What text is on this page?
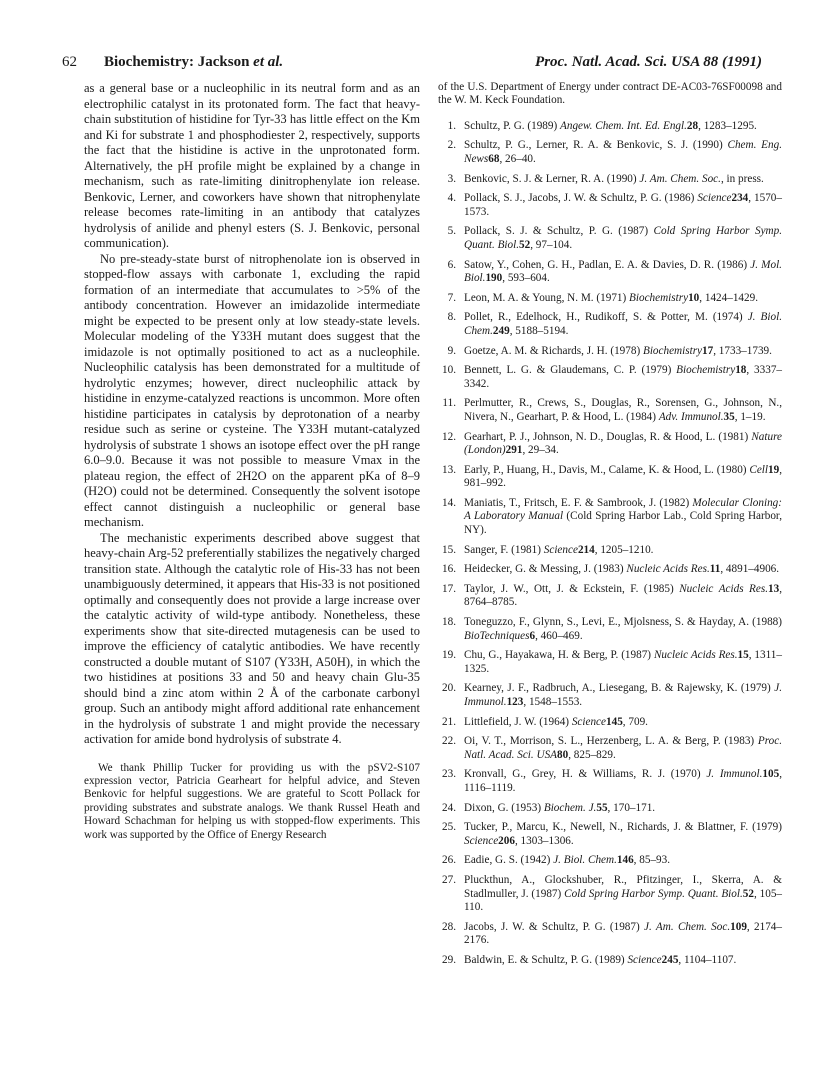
62 Biochemistry: Jackson et al.	Proc. Natl. Acad. Sci. USA 88 (1991)

as a general base or a nucleophilic in its neutral form and as an electrophilic catalyst in its protonated form. The fact that heavy-chain substitution of histidine for Tyr-33 has little effect on the Km and Ki for substrate 1 and phosphodiester 2, respectively, supports the fact that the histidine is active in the unprotonated form. Alternatively, the pH profile might be explained by a change in mechanism, such as rate-limiting dinitrophenylate ion release. Benkovic, Lerner, and coworkers have shown that nitrophenylate release becomes rate-limiting in an antibody that catalyzes hydrolysis of anilide and phenyl esters (S. J. Benkovic, personal communication).

No pre-steady-state burst of nitrophenolate ion is observed in stopped-flow assays with carbonate 1, excluding the rapid formation of an intermediate that accumulates to >5% of the antibody concentration. However an imidazolide intermediate might be expected to be present only at low steady-state levels. Molecular modeling of the Y33H mutant does suggest that the imidazole is not optimally positioned to act as a nucleophile. Nucleophilic catalysis has been demonstrated for a multitude of hydrolytic enzymes; however, direct nucleophilic attack by histidine in enzyme-catalyzed reactions is uncommon. More often histidine participates in catalysis by deprotonation of a nearby residue such as serine or cysteine. The Y33H mutant-catalyzed hydrolysis of substrate 1 shows an isotope effect over the pH range 6.0–9.0. Because it was not possible to measure Vmax in the plateau region, the effect of 2H2O on the apparent pKa of 8–9 (H2O) could not be determined. Consequently the solvent isotope effect cannot distinguish a nucleophilic or general base mechanism.

The mechanistic experiments described above suggest that heavy-chain Arg-52 preferentially stabilizes the negatively charged transition state. Although the catalytic role of His-33 has not been unambiguously determined, it appears that His-33 is not positioned optimally and consequently does not provide a large increase over the catalytic activity of wild-type antibody. Nonetheless, these experiments show that site-directed mutagenesis can be used to improve the efficiency of catalytic antibodies. We have recently constructed a double mutant of S107 (Y33H, A50H), in which the two histidines at positions 33 and 50 and heavy chain Glu-35 should bind a zinc atom within 2 Å of the carbonate carbonyl group. Such an antibody might afford additional rate enhancement in the hydrolysis of substrate 1 and might provide the necessary activation for amide bond hydrolysis of substrate 4.

We thank Phillip Tucker for providing us with the pSV2-S107 expression vector, Patricia Gearheart for helpful advice, and Steven Benkovic for helpful suggestions. We are grateful to Scott Pollack for providing substrates and substrate analogs. We thank Russel Heath and Howard Schachman for helping us with stopped-flow experiments. This work was supported by the Office of Energy Research

of the U.S. Department of Energy under contract DE-AC03-76SF00098 and the W. M. Keck Foundation.

1. Schultz, P. G. (1989) Angew. Chem. Int. Ed. Engl.28, 1283–1295.
2. Schultz, P. G., Lerner, R. A. & Benkovic, S. J. (1990) Chem. Eng. News68, 26–40.
3. Benkovic, S. J. & Lerner, R. A. (1990) J. Am. Chem. Soc., in press.
4. Pollack, S. J., Jacobs, J. W. & Schultz, P. G. (1986) Science234, 1570–1573.
5. Pollack, S. J. & Schultz, P. G. (1987) Cold Spring Harbor Symp. Quant. Biol.52, 97–104.
6. Satow, Y., Cohen, G. H., Padlan, E. A. & Davies, D. R. (1986) J. Mol. Biol.190, 593–604.
7. Leon, M. A. & Young, N. M. (1971) Biochemistry10, 1424–1429.
8. Pollet, R., Edelhock, H., Rudikoff, S. & Potter, M. (1974) J. Biol. Chem.249, 5188–5194.
9. Goetze, A. M. & Richards, J. H. (1978) Biochemistry17, 1733–1739.
10. Bennett, L. G. & Glaudemans, C. P. (1979) Biochemistry18, 3337–3342.
11. Perlmutter, R., Crews, S., Douglas, R., Sorensen, G., Johnson, N., Nivera, N., Gearhart, P. & Hood, L. (1984) Adv. Immunol.35, 1–19.
12. Gearhart, P. J., Johnson, N. D., Douglas, R. & Hood, L. (1981) Nature (London)291, 29–34.
13. Early, P., Huang, H., Davis, M., Calame, K. & Hood, L. (1980) Cell19, 981–992.
14. Maniatis, T., Fritsch, E. F. & Sambrook, J. (1982) Molecular Cloning: A Laboratory Manual (Cold Spring Harbor Lab., Cold Spring Harbor, NY).
15. Sanger, F. (1981) Science214, 1205–1210.
16. Heidecker, G. & Messing, J. (1983) Nucleic Acids Res.11, 4891–4906.
17. Taylor, J. W., Ott, J. & Eckstein, F. (1985) Nucleic Acids Res.13, 8764–8785.
18. Toneguzzo, F., Glynn, S., Levi, E., Mjolsness, S. & Hayday, A. (1988) BioTechniques6, 460–469.
19. Chu, G., Hayakawa, H. & Berg, P. (1987) Nucleic Acids Res.15, 1311–1325.
20. Kearney, J. F., Radbruch, A., Liesegang, B. & Rajewsky, K. (1979) J. Immunol.123, 1548–1553.
21. Littlefield, J. W. (1964) Science145, 709.
22. Oi, V. T., Morrison, S. L., Herzenberg, L. A. & Berg, P. (1983) Proc. Natl. Acad. Sci. USA80, 825–829.
23. Kronvall, G., Grey, H. & Williams, R. J. (1970) J. Immunol.105, 1116–1119.
24. Dixon, G. (1953) Biochem. J.55, 170–171.
25. Tucker, P., Marcu, K., Newell, N., Richards, J. & Blattner, F. (1979) Science206, 1303–1306.
26. Eadie, G. S. (1942) J. Biol. Chem.146, 85–93.
27. Pluckthun, A., Glockshuber, R., Pfitzinger, I., Skerra, A. & Stadlmuller, J. (1987) Cold Spring Harbor Symp. Quant. Biol.52, 105–110.
28. Jacobs, J. W. & Schultz, P. G. (1987) J. Am. Chem. Soc.109, 2174–2176.
29. Baldwin, E. & Schultz, P. G. (1989) Science245, 1104–1107.
